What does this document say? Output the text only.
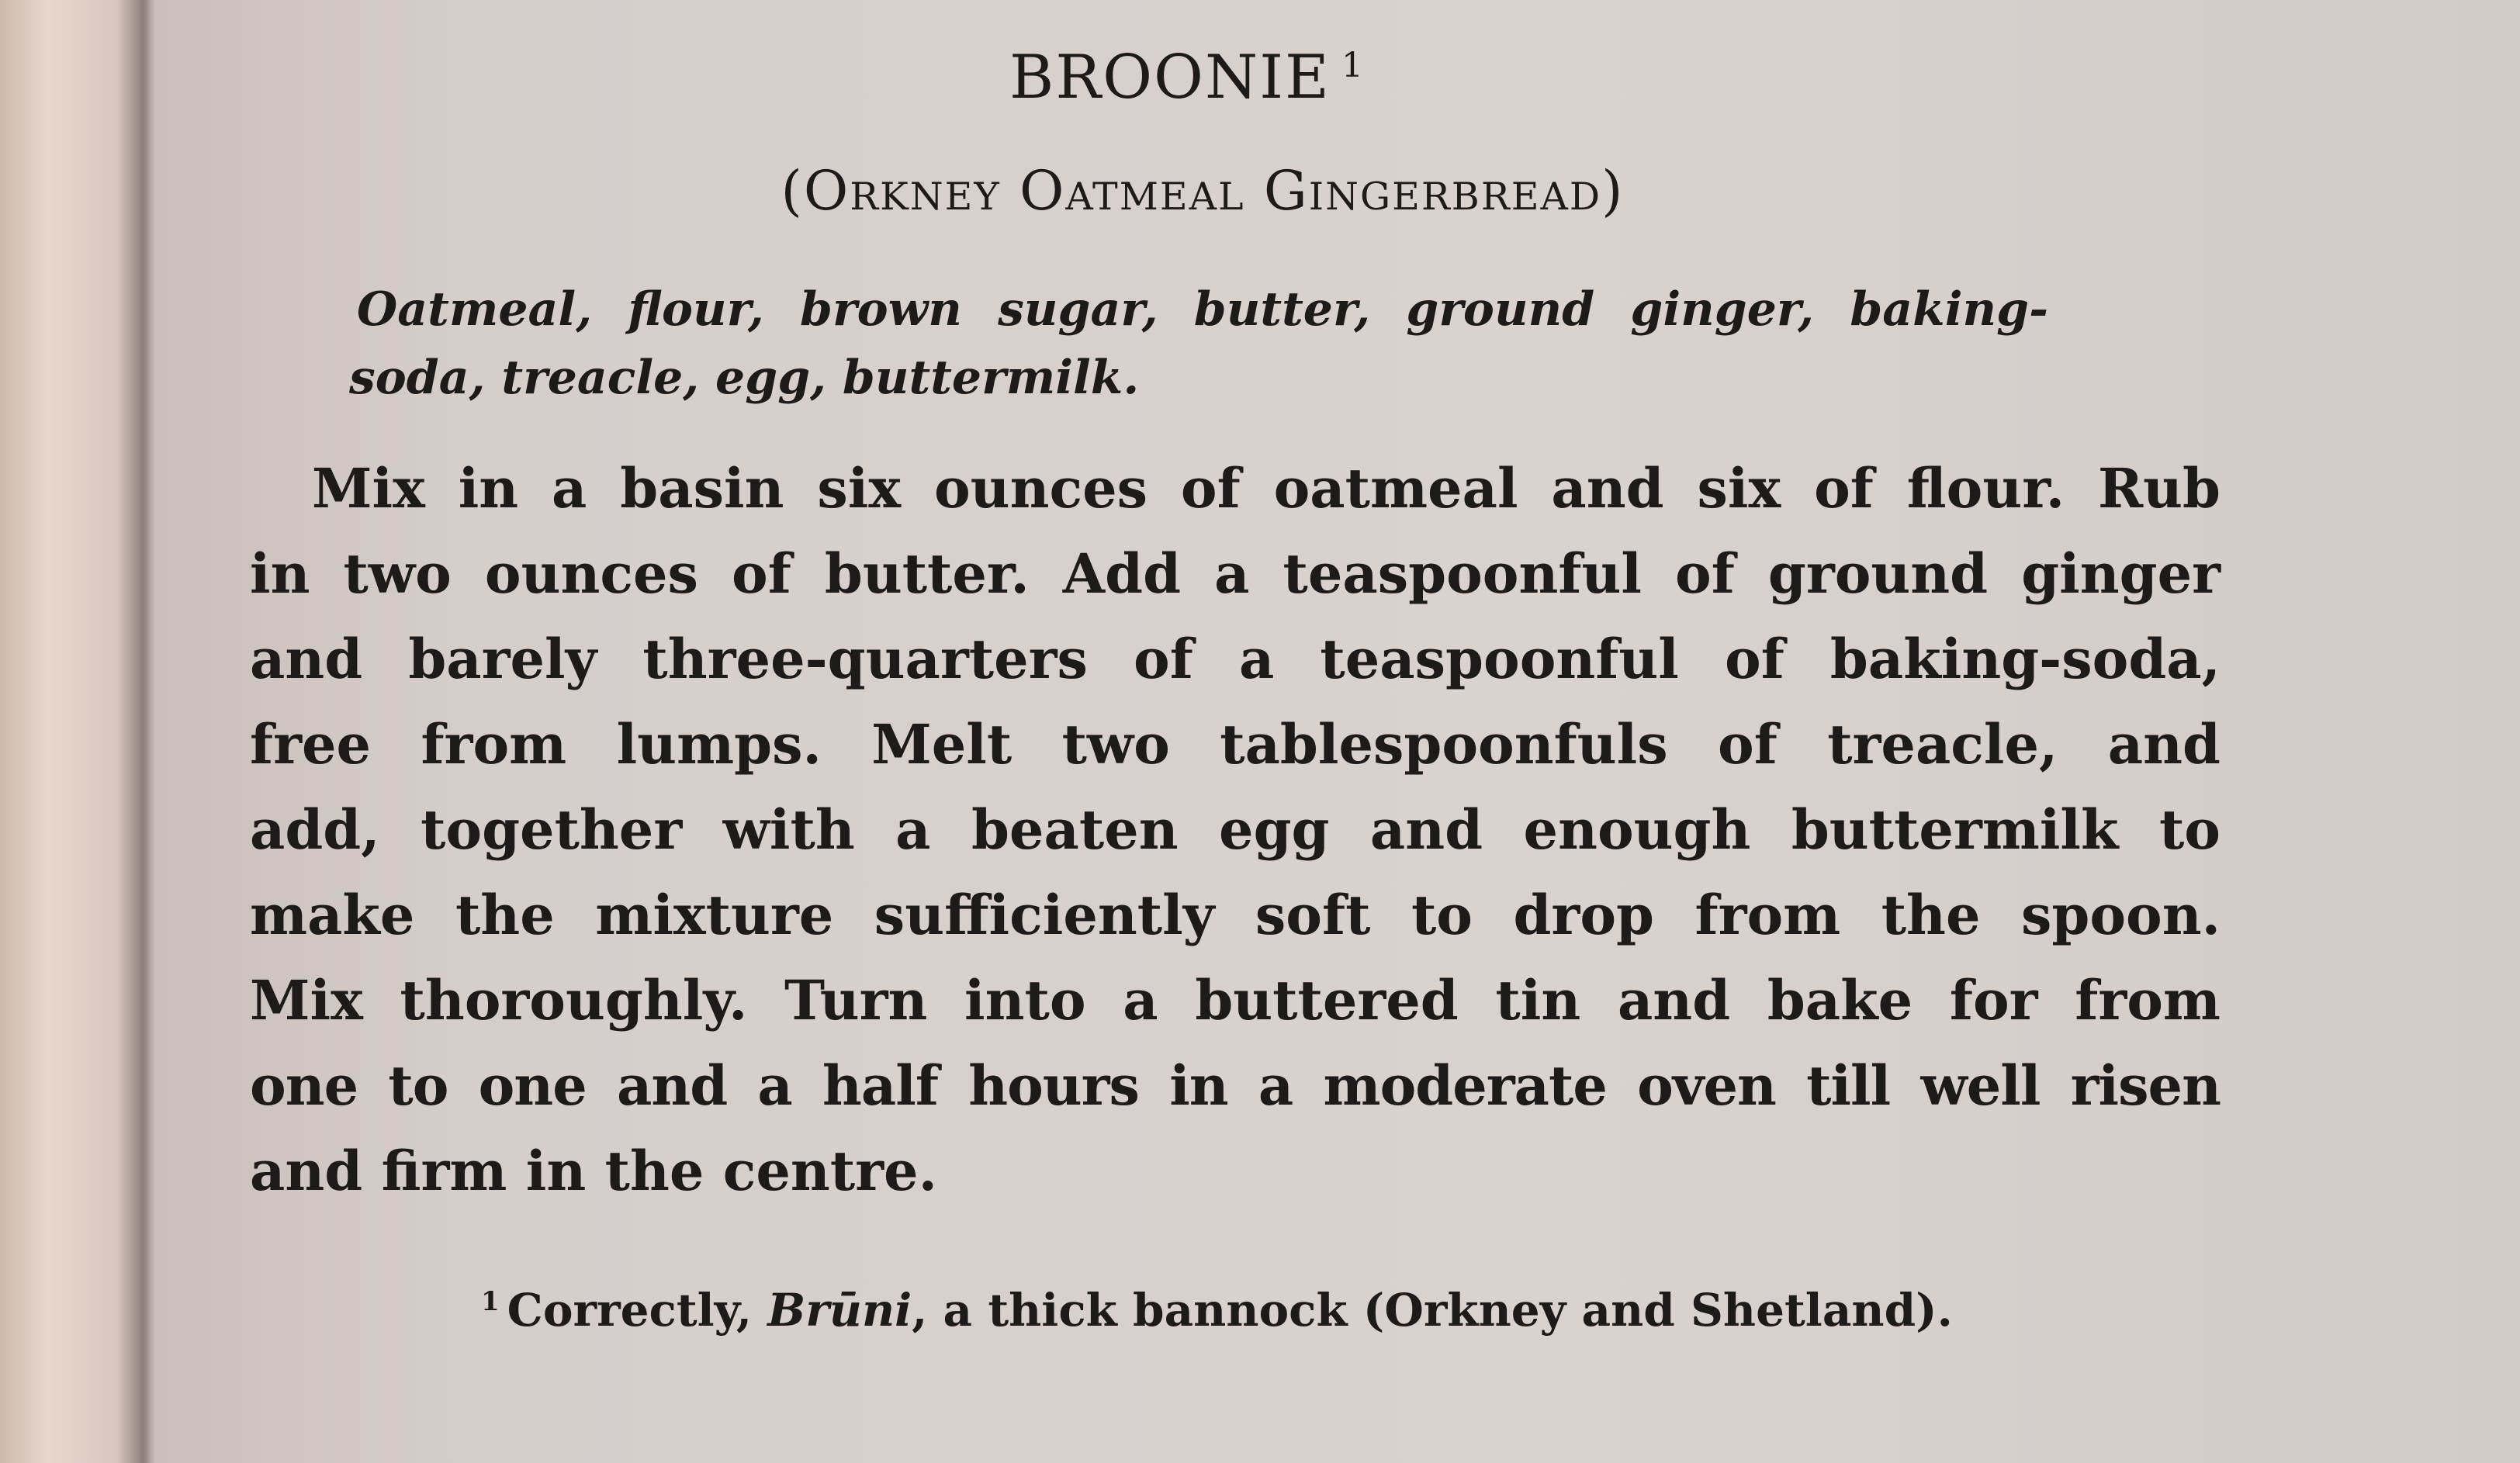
BROONIE $^1$
(Orkney Oatmeal Gingerbread)
Oatmeal, flour, brown sugar, butter, ground ginger, baking-
soda, treacle, egg, buttermilk.
Mix in a basin six ounces of oatmeal and six of flour. Rub
in two ounces of butter. Add a teaspoonful of ground ginger
and barely three-quarters of a teaspoonful of baking-soda,
free from lumps. Melt two tablespoonfuls of treacle, and
add, together with a beaten egg and enough buttermilk to
make the mixture sufficiently soft to drop from the spoon.
Mix thoroughly. Turn into a buttered tin and bake for from
one to one and a half hours in a moderate oven till well risen
and firm in the centre.
$^1$ Correctly, Brūni, a thick bannock (Orkney and Shetland).
